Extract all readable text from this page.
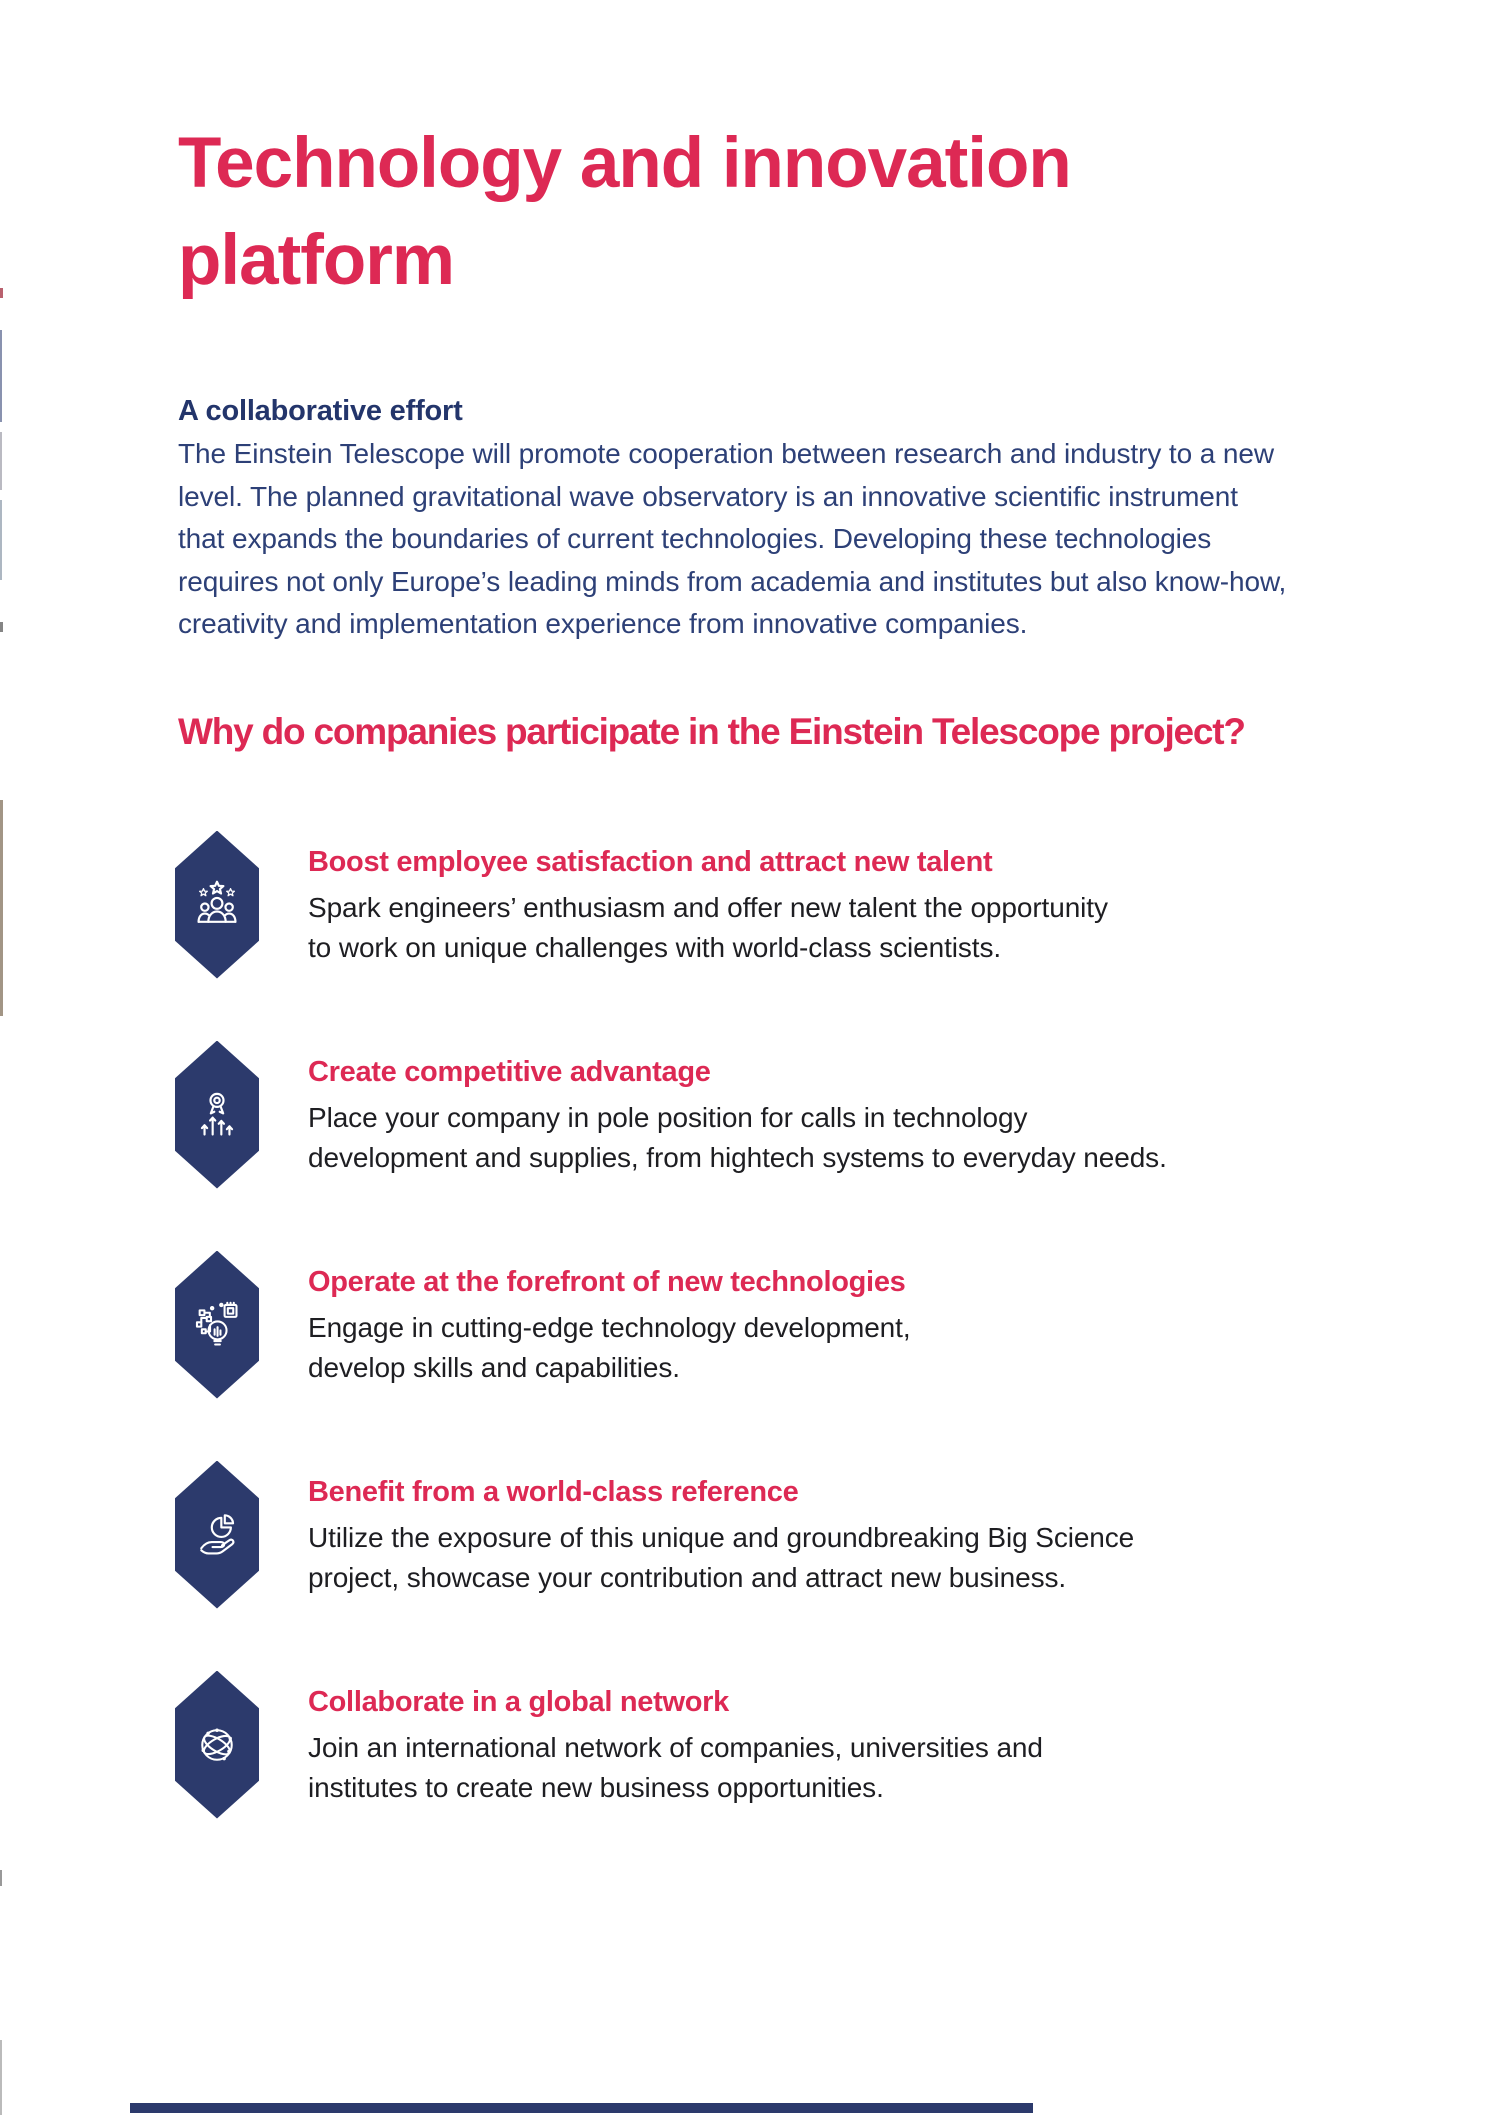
Technology and innovation
platform
A collaborative effort
The Einstein Telescope will promote cooperation between research and industry to a new
level. The planned gravitational wave observatory is an innovative scientific instrument
that expands the boundaries of current technologies. Developing these technologies
requires not only Europe’s leading minds from academia and institutes but also know-how,
creativity and implementation experience from innovative companies.
Why do companies participate in the Einstein Telescope project?
Boost employee satisfaction and attract new talent
Spark engineers’ enthusiasm and offer new talent the opportunity
to work on unique challenges with world-class scientists.
Create competitive advantage
Place your company in pole position for calls in technology
development and supplies, from hightech systems to everyday needs.
Operate at the forefront of new technologies
Engage in cutting-edge technology development,
develop skills and capabilities.
Benefit from a world-class reference
Utilize the exposure of this unique and groundbreaking Big Science
project, showcase your contribution and attract new business.
Collaborate in a global network
Join an international network of companies, universities and
institutes to create new business opportunities.
